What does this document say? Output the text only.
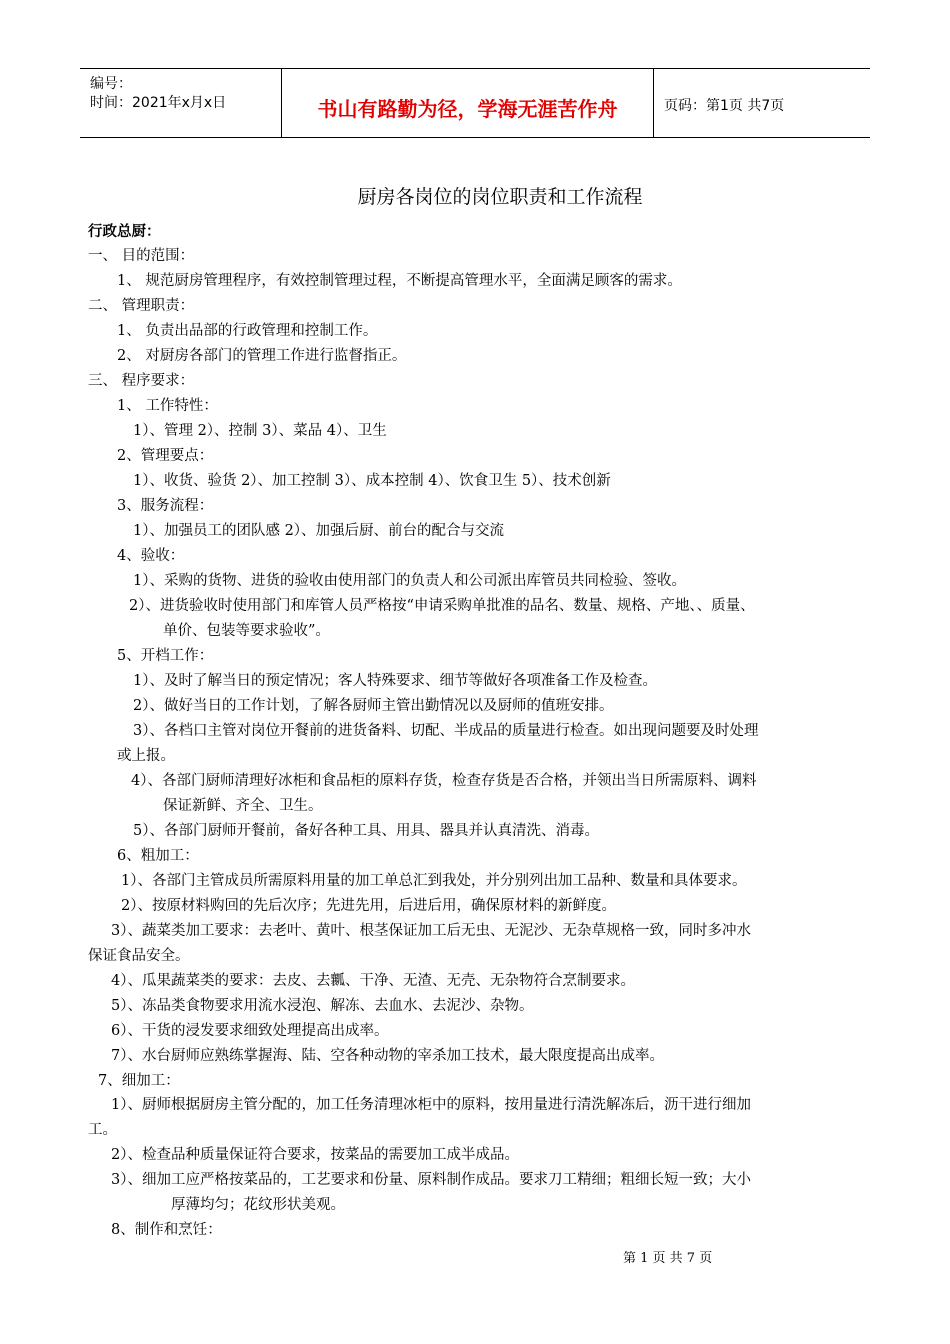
编号：
时间：2021年x月x日	书山有路勤为径，学海无涯苦作舟	页码：第1页 共7页
厨房各岗位的岗位职责和工作流程
行政总厨：
一、 目的范围：
1、 规范厨房管理程序，有效控制管理过程，不断提高管理水平，全面满足顾客的需求。
二、 管理职责：
1、 负责出品部的行政管理和控制工作。
2、 对厨房各部门的管理工作进行监督指正。
三、 程序要求：
1、 工作特性：
1）、管理 2）、控制 3）、菜品 4）、卫生
2、管理要点：
1）、收货、验货 2）、加工控制 3）、成本控制 4）、饮食卫生 5）、技术创新
3、服务流程：
1）、加强员工的团队感 2）、加强后厨、前台的配合与交流
4、验收：
1）、采购的货物、进货的验收由使用部门的负责人和公司派出库管员共同检验、签收。
2）、进货验收时使用部门和库管人员严格按“申请采购单批准的品名、数量、规格、产地、、质量、
单价、包装等要求验收”。
5、开档工作：
1）、及时了解当日的预定情况；客人特殊要求、细节等做好各项准备工作及检查。
2）、做好当日的工作计划，了解各厨师主管出勤情况以及厨师的值班安排。
3）、各档口主管对岗位开餐前的进货备料、切配、半成品的质量进行检查。如出现问题要及时处理
或上报。
4）、各部门厨师清理好冰柜和食品柜的原料存货，检查存货是否合格，并领出当日所需原料、调料
保证新鲜、齐全、卫生。
5）、各部门厨师开餐前，备好各种工具、用具、器具并认真清洗、消毒。
6、粗加工：
1）、各部门主管成员所需原料用量的加工单总汇到我处，并分别列出加工品种、数量和具体要求。
2）、按原材料购回的先后次序；先进先用，后进后用，确保原材料的新鲜度。
3）、蔬菜类加工要求：去老叶、黄叶、根茎保证加工后无虫、无泥沙、无杂草规格一致，同时多冲水
保证食品安全。
4）、瓜果蔬菜类的要求：去皮、去瓤、干净、无渣、无壳、无杂物符合烹制要求。
5）、冻品类食物要求用流水浸泡、解冻、去血水、去泥沙、杂物。
6）、干货的浸发要求细致处理提高出成率。
7）、水台厨师应熟练掌握海、陆、空各种动物的宰杀加工技术，最大限度提高出成率。
7、细加工：
1）、厨师根据厨房主管分配的，加工任务清理冰柜中的原料，按用量进行清洗解冻后，沥干进行细加
工。
2）、检查品种质量保证符合要求，按菜品的需要加工成半成品。
3）、细加工应严格按菜品的，工艺要求和份量、原料制作成品。要求刀工精细；粗细长短一致；大小
厚薄均匀；花纹形状美观。
8、制作和烹饪：
第 1 页 共 7 页
